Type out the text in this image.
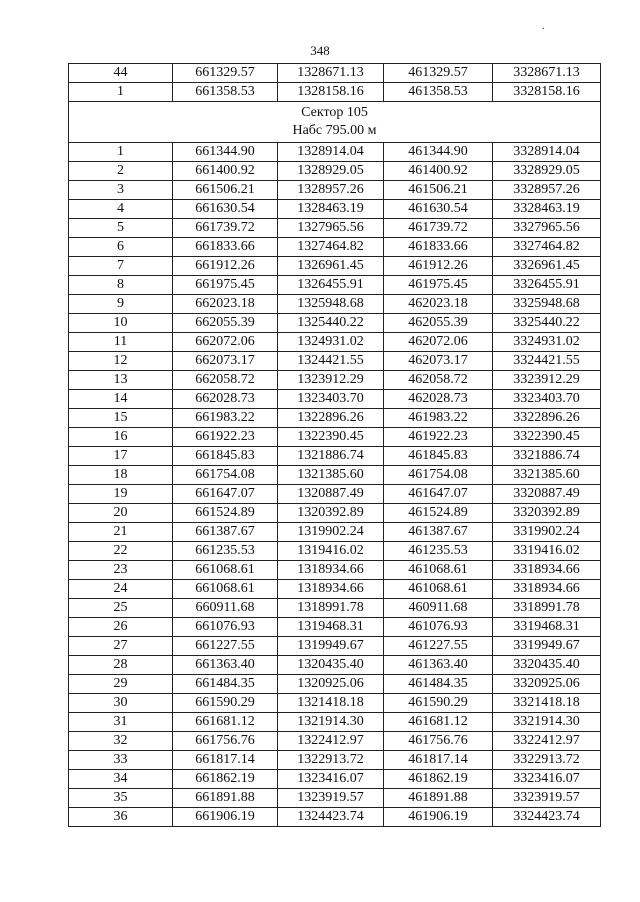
.
348
44	661329.57	1328671.13	461329.57	3328671.13
1	661358.53	1328158.16	461358.53	3328158.16

Сектор 105
Набс 795.00 м				

1	661344.90	1328914.04	461344.90	3328914.04
2	661400.92	1328929.05	461400.92	3328929.05
3	661506.21	1328957.26	461506.21	3328957.26
4	661630.54	1328463.19	461630.54	3328463.19
5	661739.72	1327965.56	461739.72	3327965.56
6	661833.66	1327464.82	461833.66	3327464.82
7	661912.26	1326961.45	461912.26	3326961.45
8	661975.45	1326455.91	461975.45	3326455.91
9	662023.18	1325948.68	462023.18	3325948.68
10	662055.39	1325440.22	462055.39	3325440.22
11	662072.06	1324931.02	462072.06	3324931.02
12	662073.17	1324421.55	462073.17	3324421.55
13	662058.72	1323912.29	462058.72	3323912.29
14	662028.73	1323403.70	462028.73	3323403.70
15	661983.22	1322896.26	461983.22	3322896.26
16	661922.23	1322390.45	461922.23	3322390.45
17	661845.83	1321886.74	461845.83	3321886.74
18	661754.08	1321385.60	461754.08	3321385.60
19	661647.07	1320887.49	461647.07	3320887.49
20	661524.89	1320392.89	461524.89	3320392.89
21	661387.67	1319902.24	461387.67	3319902.24
22	661235.53	1319416.02	461235.53	3319416.02
23	661068.61	1318934.66	461068.61	3318934.66
24	661068.61	1318934.66	461068.61	3318934.66
25	660911.68	1318991.78	460911.68	3318991.78
26	661076.93	1319468.31	461076.93	3319468.31
27	661227.55	1319949.67	461227.55	3319949.67
28	661363.40	1320435.40	461363.40	3320435.40
29	661484.35	1320925.06	461484.35	3320925.06
30	661590.29	1321418.18	461590.29	3321418.18
31	661681.12	1321914.30	461681.12	3321914.30
32	661756.76	1322412.97	461756.76	3322412.97
33	661817.14	1322913.72	461817.14	3322913.72
34	661862.19	1323416.07	461862.19	3323416.07
35	661891.88	1323919.57	461891.88	3323919.57
36	661906.19	1324423.74	461906.19	3324423.74
